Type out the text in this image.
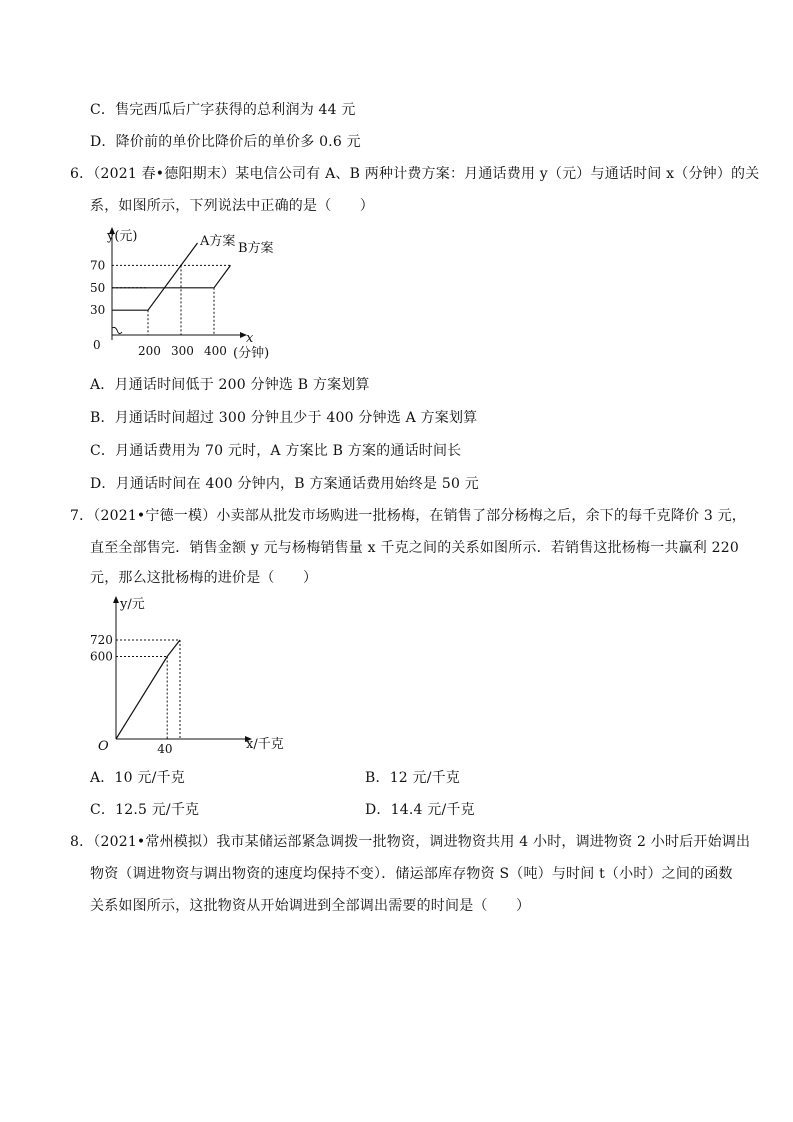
C．售完西瓜后广字获得的总利润为 44 元
D．降价前的单价比降价后的单价多 0.6 元
6．（2021 春•德阳期末）某电信公司有 A、B 两种计费方案：月通话费用 y（元）与通话时间 x（分钟）的关
系，如图所示，下列说法中正确的是（　　）
y(元)
x
(分钟)
0
30
50
70
200 300 400
A方案 B方案
A．月通话时间低于 200 分钟选 B 方案划算
B．月通话时间超过 300 分钟且少于 400 分钟选 A 方案划算
C．月通话费用为 70 元时，A 方案比 B 方案的通话时间长
D．月通话时间在 400 分钟内，B 方案通话费用始终是 50 元
7．（2021•宁德一模）小卖部从批发市场购进一批杨梅，在销售了部分杨梅之后，余下的每千克降价 3 元，
直至全部售完．销售金额 y 元与杨梅销售量 x 千克之间的关系如图所示．若销售这批杨梅一共赢利 220
元，那么这批杨梅的进价是（　　）
y/元
x/千克
O
600
720
40
A．10 元/千克	B．12 元/千克
C．12.5 元/千克	D．14.4 元/千克
8．（2021•常州模拟）我市某储运部紧急调拨一批物资，调进物资共用 4 小时，调进物资 2 小时后开始调出
物资（调进物资与调出物资的速度均保持不变）．储运部库存物资 S（吨）与时间 t（小时）之间的函数
关系如图所示，这批物资从开始调进到全部调出需要的时间是（　　）
